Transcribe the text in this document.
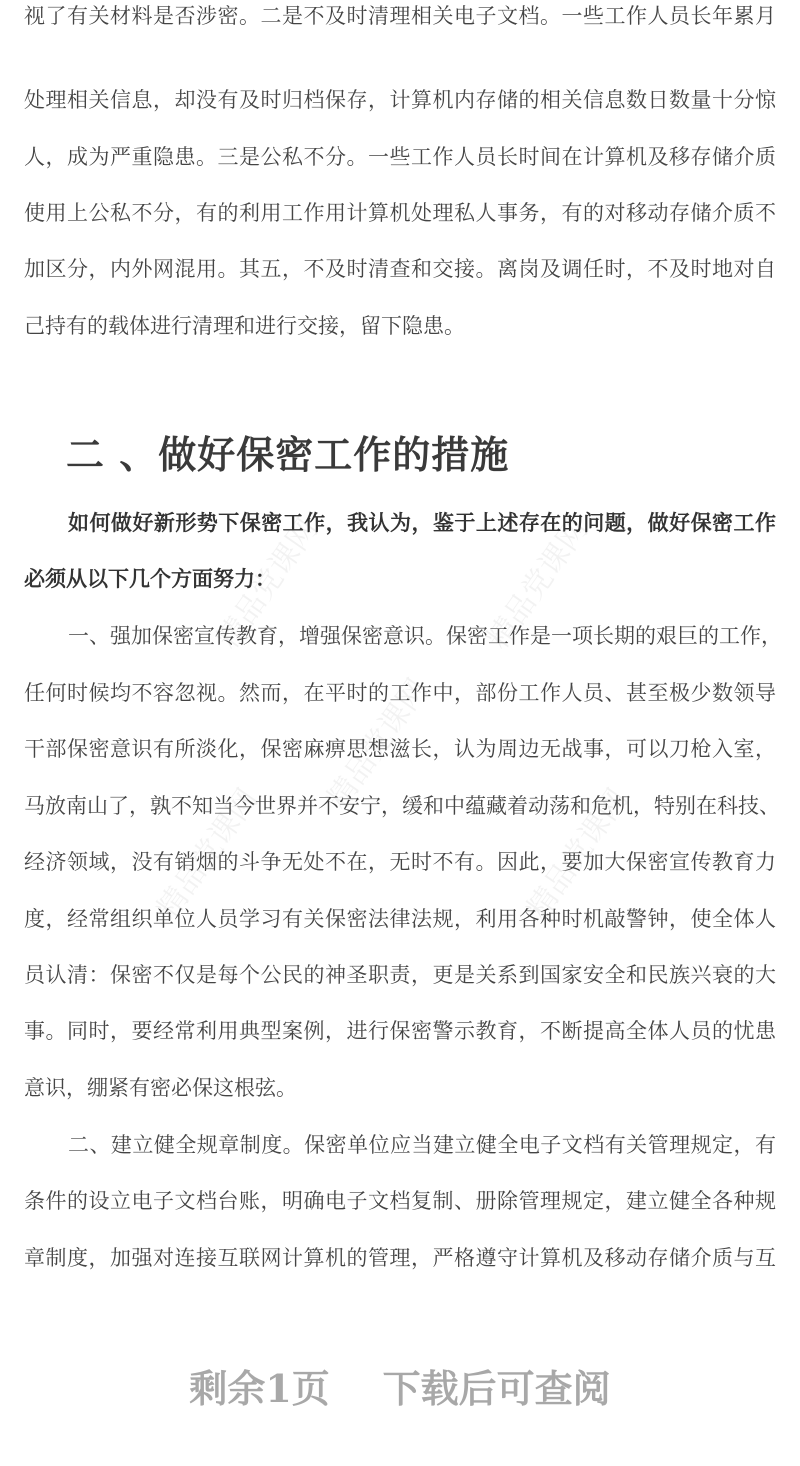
精品党课网	精品党课网
精品党课网
精品党课网
精品党课网
视了有关材料是否涉密。二是不及时清理相关电子文档。一些工作人员长年累月
处理相关信息，却没有及时归档保存，计算机内存储的相关信息数日数量十分惊
人，成为严重隐患。三是公私不分。一些工作人员长时间在计算机及移存储介质
使用上公私不分，有的利用工作用计算机处理私人事务，有的对移动存储介质不
加区分，内外网混用。其五，不及时清查和交接。离岗及调任时，不及时地对自
己持有的载体进行清理和进行交接，留下隐患。
二 、做好保密工作的措施
如何做好新形势下保密工作，我认为，鉴于上述存在的问题，做好保密工作
必须从以下几个方面努力：
一、强加保密宣传教育，增强保密意识。保密工作是一项长期的艰巨的工作，
任何时候均不容忽视。然而，在平时的工作中，部份工作人员、甚至极少数领导
干部保密意识有所淡化，保密麻痹思想滋长，认为周边无战事，可以刀枪入室，
马放南山了，孰不知当今世界并不安宁，缓和中蕴藏着动荡和危机，特别在科技、
经济领域，没有销烟的斗争无处不在，无时不有。因此，要加大保密宣传教育力
度，经常组织单位人员学习有关保密法律法规，利用各种时机敲警钟，使全体人
员认清：保密不仅是每个公民的神圣职责，更是关系到国家安全和民族兴衰的大
事。同时，要经常利用典型案例，进行保密警示教育，不断提高全体人员的忧患
意识，绷紧有密必保这根弦。
二、建立健全规章制度。保密单位应当建立健全电子文档有关管理规定，有
条件的设立电子文档台账，明确电子文档复制、册除管理规定，建立健全各种规
章制度，加强对连接互联网计算机的管理，严格遵守计算机及移动存储介质与互
剩余1页    下载后可查阅
